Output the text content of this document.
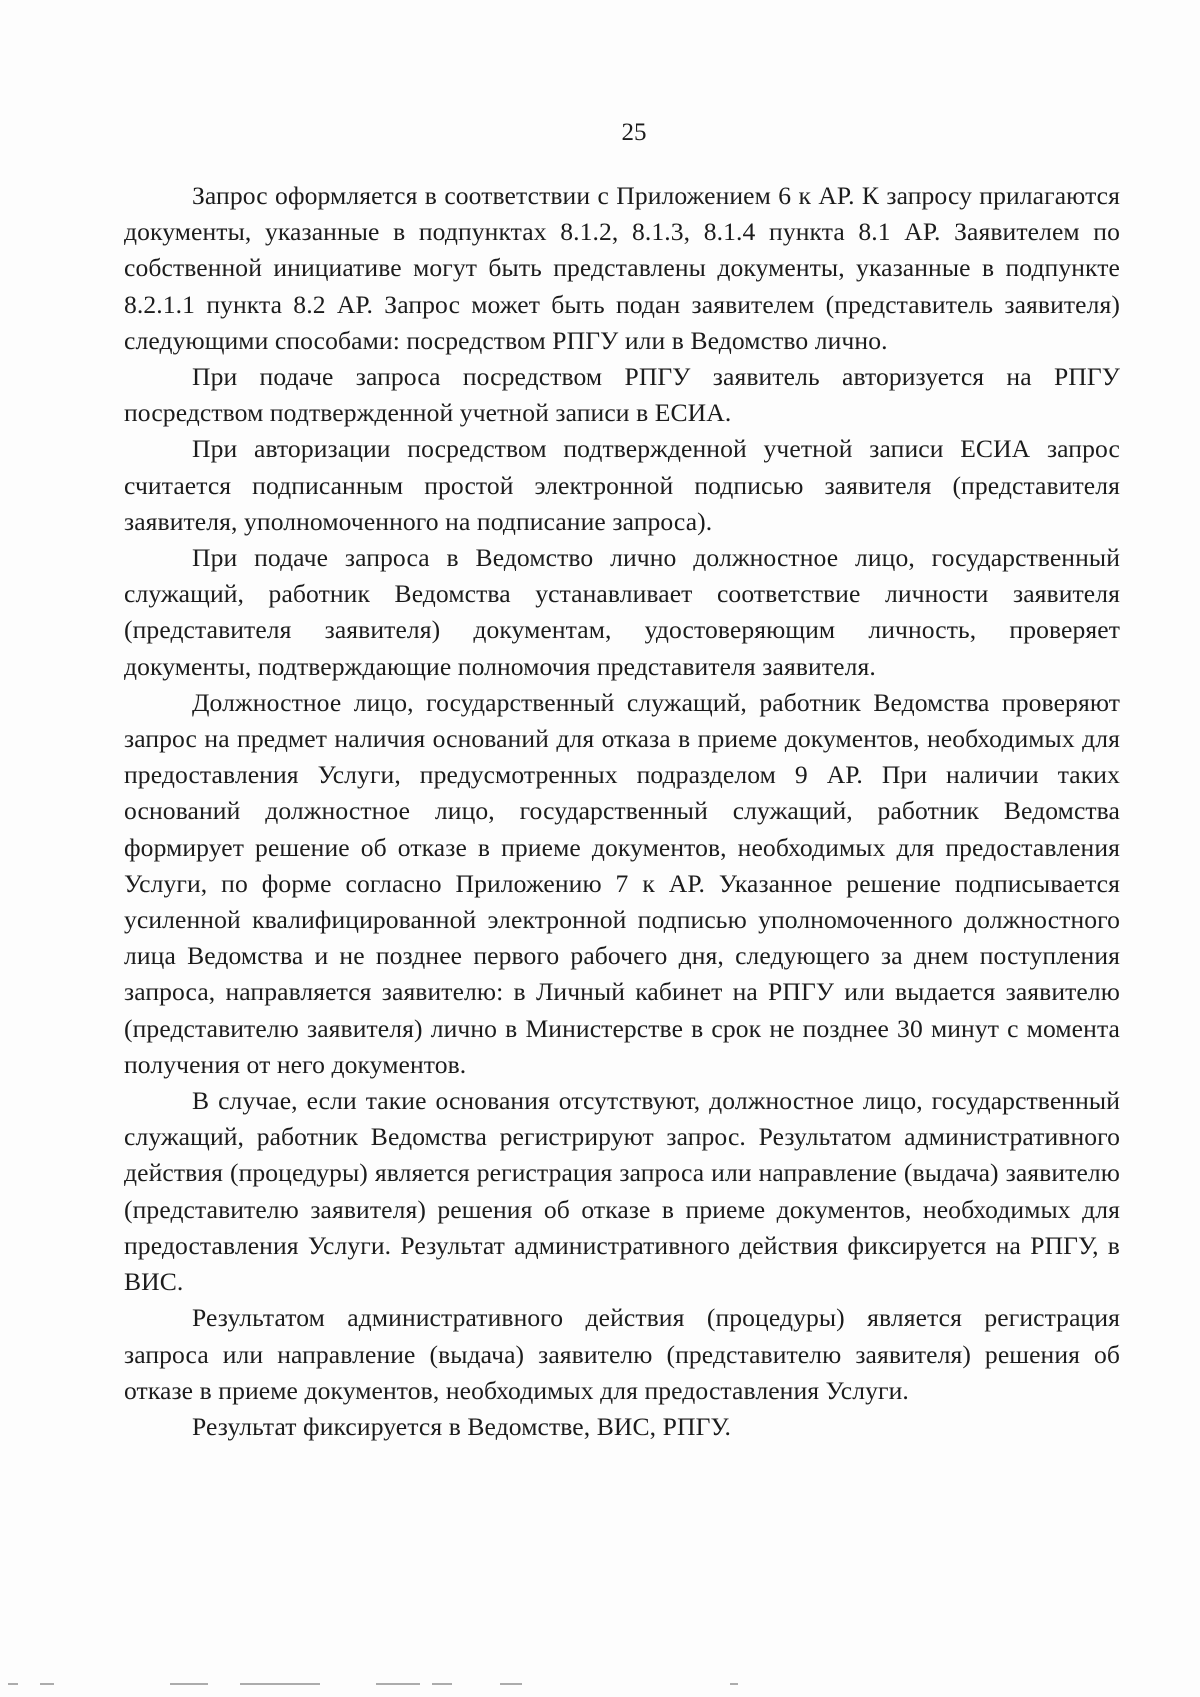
25

Запрос оформляется в соответствии с Приложением 6 к АР. К запросу прилагаются документы, указанные в подпунктах 8.1.2, 8.1.3, 8.1.4 пункта 8.1 АР. Заявителем по собственной инициативе могут быть представлены документы, указанные в подпункте 8.2.1.1 пункта 8.2 АР. Запрос может быть подан заявителем (представитель заявителя) следующими способами: посредством РПГУ или в Ведомство лично.

При подаче запроса посредством РПГУ заявитель авторизуется на РПГУ посредством подтвержденной учетной записи в ЕСИА.

При авторизации посредством подтвержденной учетной записи ЕСИА запрос считается подписанным простой электронной подписью заявителя (представителя заявителя, уполномоченного на подписание запроса).

При подаче запроса в Ведомство лично должностное лицо, государственный служащий, работник Ведомства устанавливает соответствие личности заявителя (представителя заявителя) документам, удостоверяющим личность, проверяет документы, подтверждающие полномочия представителя заявителя.

Должностное лицо, государственный служащий, работник Ведомства проверяют запрос на предмет наличия оснований для отказа в приеме документов, необходимых для предоставления Услуги, предусмотренных подразделом 9 АР. При наличии таких оснований должностное лицо, государственный служащий, работник Ведомства формирует решение об отказе в приеме документов, необходимых для предоставления Услуги, по форме согласно Приложению 7 к АР. Указанное решение подписывается усиленной квалифицированной электронной подписью уполномоченного должностного лица Ведомства и не позднее первого рабочего дня, следующего за днем поступления запроса, направляется заявителю: в Личный кабинет на РПГУ или выдается заявителю (представителю заявителя) лично в Министерстве в срок не позднее 30 минут с момента получения от него документов.

В случае, если такие основания отсутствуют, должностное лицо, государственный служащий, работник Ведомства регистрируют запрос. Результатом административного действия (процедуры) является регистрация запроса или направление (выдача) заявителю (представителю заявителя) решения об отказе в приеме документов, необходимых для предоставления Услуги. Результат административного действия фиксируется на РПГУ, в ВИС.

Результатом административного действия (процедуры) является регистрация запроса или направление (выдача) заявителю (представителю заявителя) решения об отказе в приеме документов, необходимых для предоставления Услуги.

Результат фиксируется в Ведомстве, ВИС, РПГУ.
